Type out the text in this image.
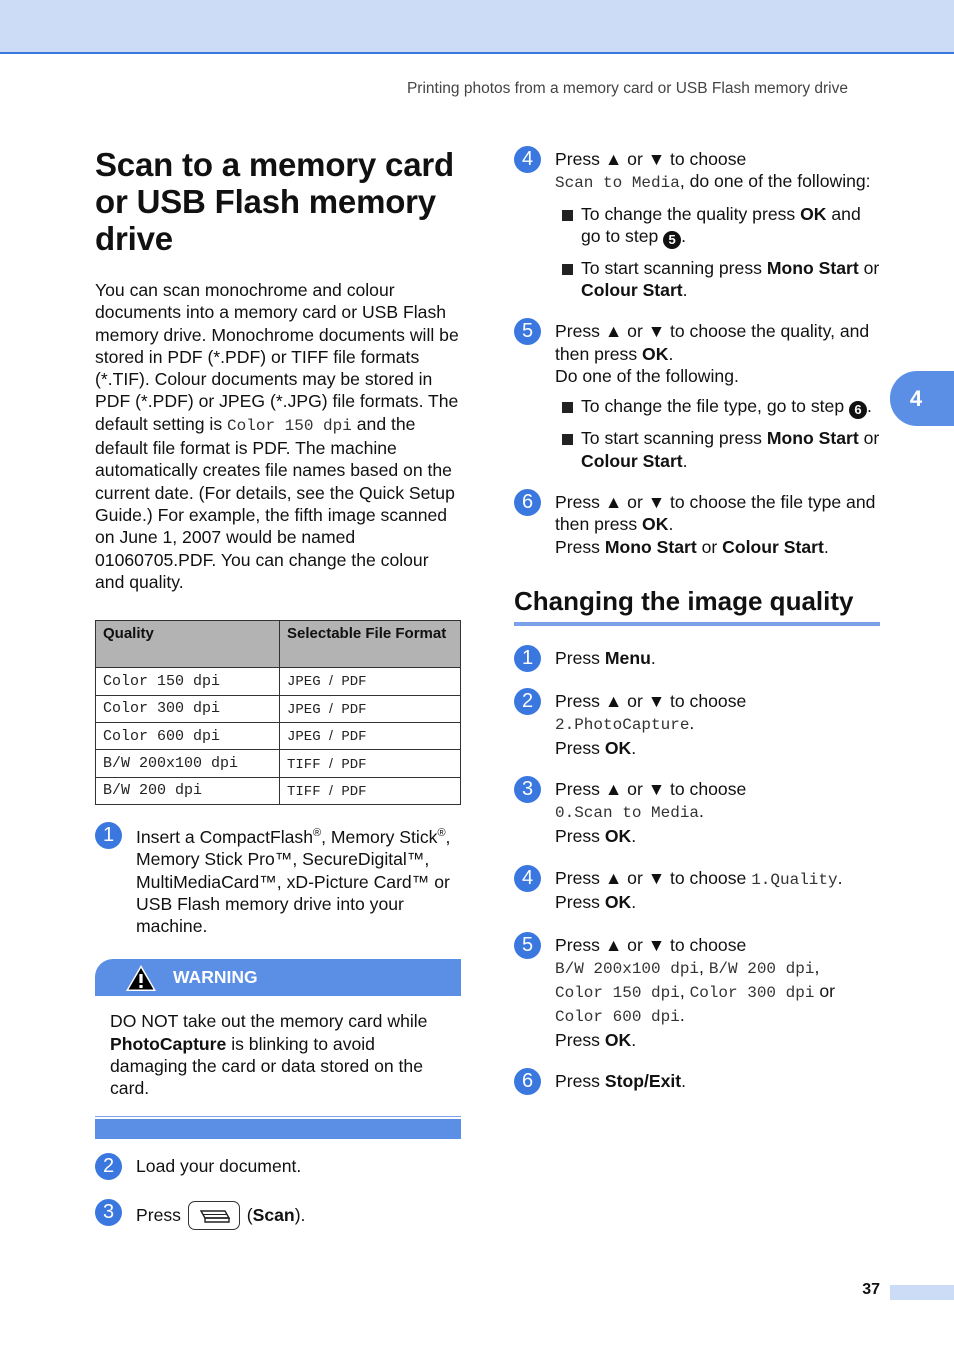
Printing photos from a memory card or USB Flash memory drive
4
Scan to a memory card or USB Flash memory drive

You can scan monochrome and colour documents into a memory card or USB Flash memory drive. Monochrome documents will be stored in PDF (*.PDF) or TIFF file formats (*.TIF). Colour documents may be stored in PDF (*.PDF) or JPEG (*.JPG) file formats. The default setting is Color 150 dpi and the default file format is PDF. The machine automatically creates file names based on the current date. (For details, see the Quick Setup Guide.) For example, the fifth image scanned on June 1, 2007 would be named 01060705.PDF. You can change the colour and quality.

Quality	Selectable File Format
Color 150 dpi	JPEG / PDF
Color 300 dpi	JPEG / PDF
Color 600 dpi	JPEG / PDF
B/W 200x100 dpi	TIFF / PDF
B/W 200 dpi	TIFF / PDF
1	Insert a CompactFlash®, Memory Stick®, Memory Stick Pro™, SecureDigital™, MultiMediaCard™, xD-Picture Card™ or USB Flash memory drive into your machine.
WARNING
DO NOT take out the memory card while PhotoCapture is blinking to avoid damaging the card or data stored on the card.
2	Load your document.
3	Press	(Scan).
4	Press ▲ or ▼ to choose
Scan to Media, do one of the following:
To change the quality press OK and go to step 5 .
To start scanning press Mono Start or Colour Start.
5	Press ▲ or ▼ to choose the quality, and then press OK.
Do one of the following.
To change the file type, go to step 6 .
To start scanning press Mono Start or Colour Start.
6	Press ▲ or ▼ to choose the file type and then press OK.
Press Mono Start or Colour Start.
Changing the image quality
1	Press Menu.
2	Press ▲ or ▼ to choose
2.PhotoCapture.
Press OK.
3	Press ▲ or ▼ to choose
0.Scan to Media.
Press OK.
4	Press ▲ or ▼ to choose 1.Quality.
Press OK.
5	Press ▲ or ▼ to choose
B/W 200x100 dpi, B/W 200 dpi,
Color 150 dpi, Color 300 dpi or
Color 600 dpi.
Press OK.
6	Press Stop/Exit.
37
